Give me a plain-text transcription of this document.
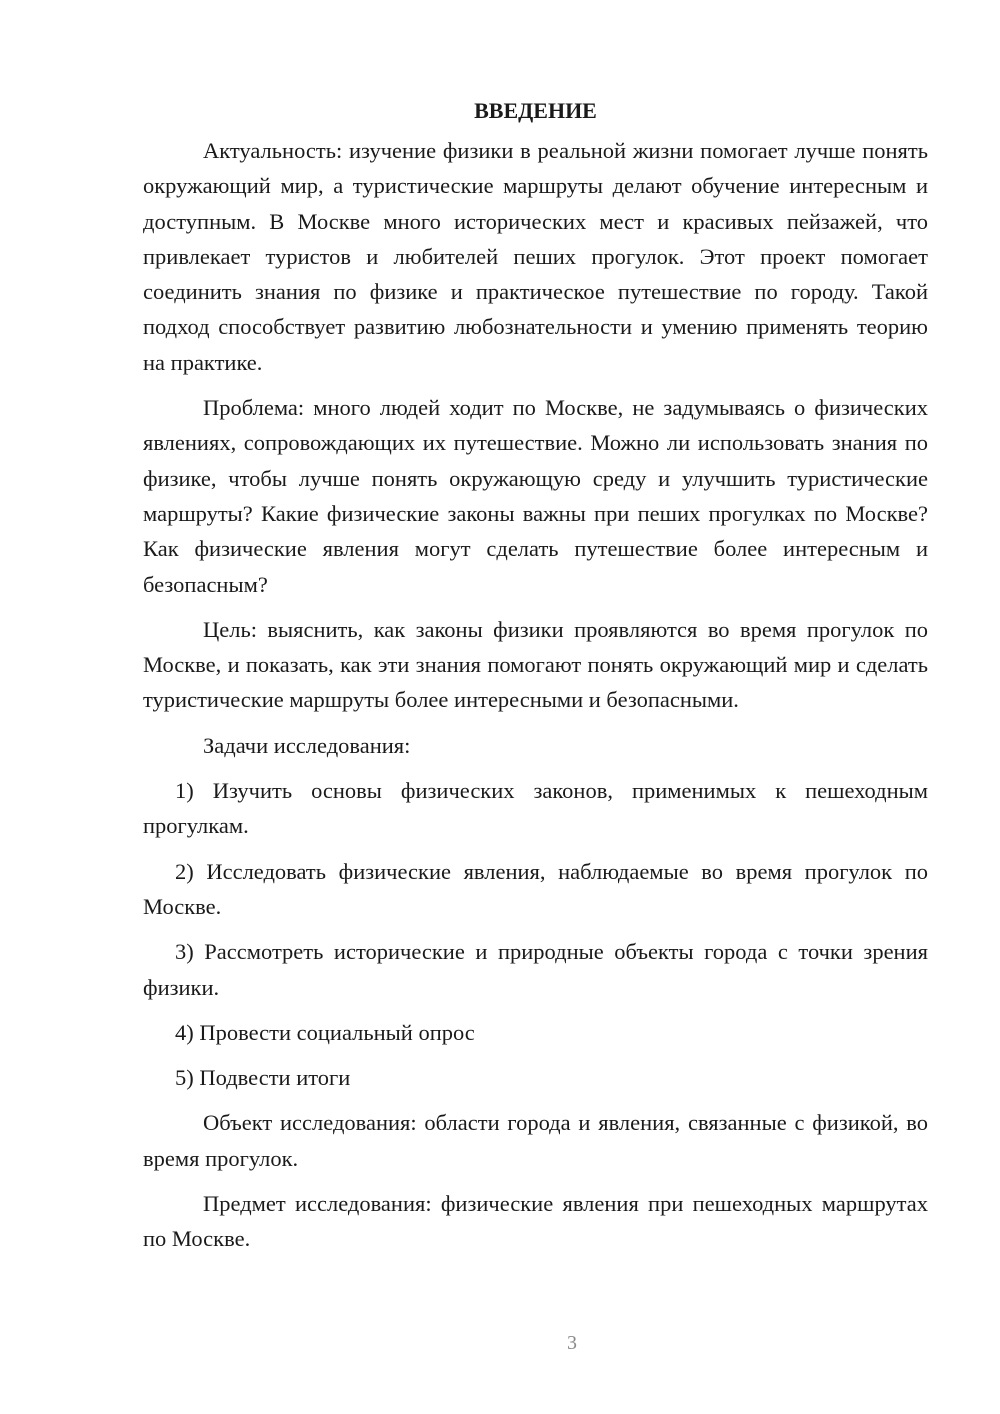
ВВЕДЕНИЕ

Актуальность: изучение физики в реальной жизни помогает лучше понять окружающий мир, а туристические маршруты делают обучение интересным и доступным. В Москве много исторических мест и красивых пейзажей, что привлекает туристов и любителей пеших прогулок. Этот проект помогает соединить знания по физике и практическое путешествие по городу. Такой подход способствует развитию любознательности и умению применять теорию на практике.

Проблема: много людей ходит по Москве, не задумываясь о физических явлениях, сопровождающих их путешествие. Можно ли использовать знания по физике, чтобы лучше понять окружающую среду и улучшить туристические маршруты? Какие физические законы важны при пеших прогулках по Москве? Как физические явления могут сделать путешествие более интересным и безопасным?

Цель: выяснить, как законы физики проявляются во время прогулок по Москве, и показать, как эти знания помогают понять окружающий мир и сделать туристические маршруты более интересными и безопасными.

Задачи исследования:

1) Изучить основы физических законов, применимых к пешеходным прогулкам.

2) Исследовать физические явления, наблюдаемые во время прогулок по Москве.

3) Рассмотреть исторические и природные объекты города с точки зрения физики.

4) Провести социальный опрос

5) Подвести итоги

Объект исследования: области города и явления, связанные с физикой, во время прогулок.

Предмет исследования: физические явления при пешеходных маршрутах по Москве.

3
